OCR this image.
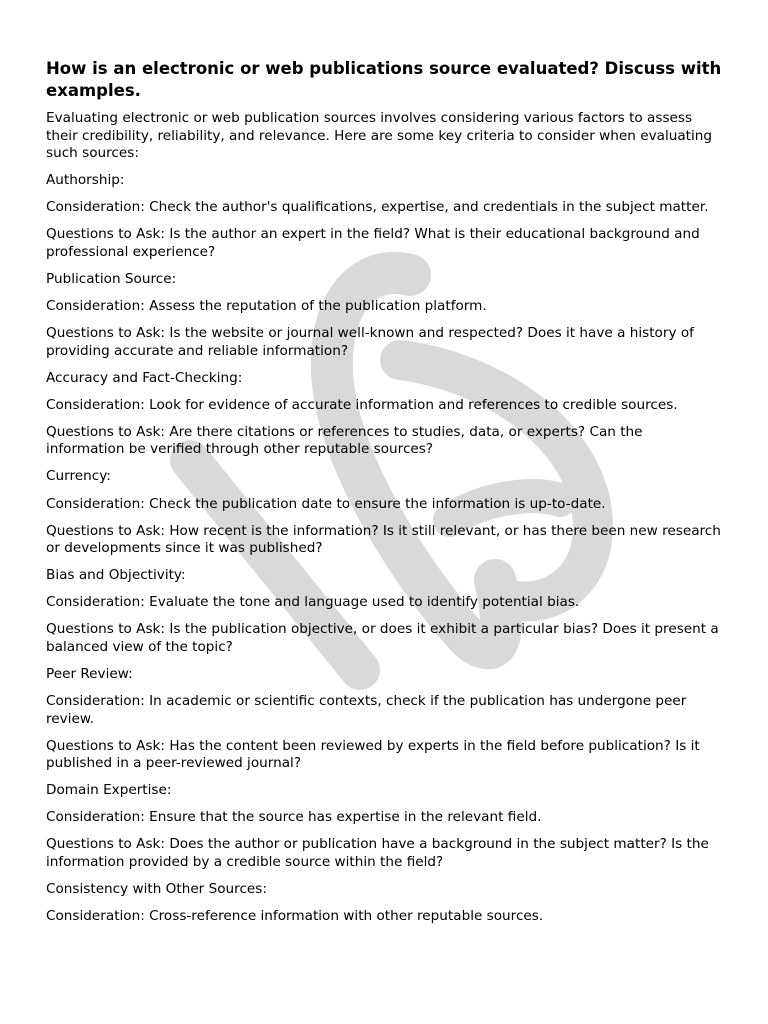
How is an electronic or web publications source evaluated? Discuss with examples.

Evaluating electronic or web publication sources involves considering various factors to assess their credibility, reliability, and relevance. Here are some key criteria to consider when evaluating such sources:

Authorship:

Consideration: Check the author's qualifications, expertise, and credentials in the subject matter.

Questions to Ask: Is the author an expert in the field? What is their educational background and professional experience?

Publication Source:

Consideration: Assess the reputation of the publication platform.

Questions to Ask: Is the website or journal well-known and respected? Does it have a history of providing accurate and reliable information?

Accuracy and Fact-Checking:

Consideration: Look for evidence of accurate information and references to credible sources.

Questions to Ask: Are there citations or references to studies, data, or experts? Can the information be verified through other reputable sources?

Currency:

Consideration: Check the publication date to ensure the information is up-to-date.

Questions to Ask: How recent is the information? Is it still relevant, or has there been new research or developments since it was published?

Bias and Objectivity:

Consideration: Evaluate the tone and language used to identify potential bias.

Questions to Ask: Is the publication objective, or does it exhibit a particular bias? Does it present a balanced view of the topic?

Peer Review:

Consideration: In academic or scientific contexts, check if the publication has undergone peer review.

Questions to Ask: Has the content been reviewed by experts in the field before publication? Is it published in a peer-reviewed journal?

Domain Expertise:

Consideration: Ensure that the source has expertise in the relevant field.

Questions to Ask: Does the author or publication have a background in the subject matter? Is the information provided by a credible source within the field?

Consistency with Other Sources:

Consideration: Cross-reference information with other reputable sources.
